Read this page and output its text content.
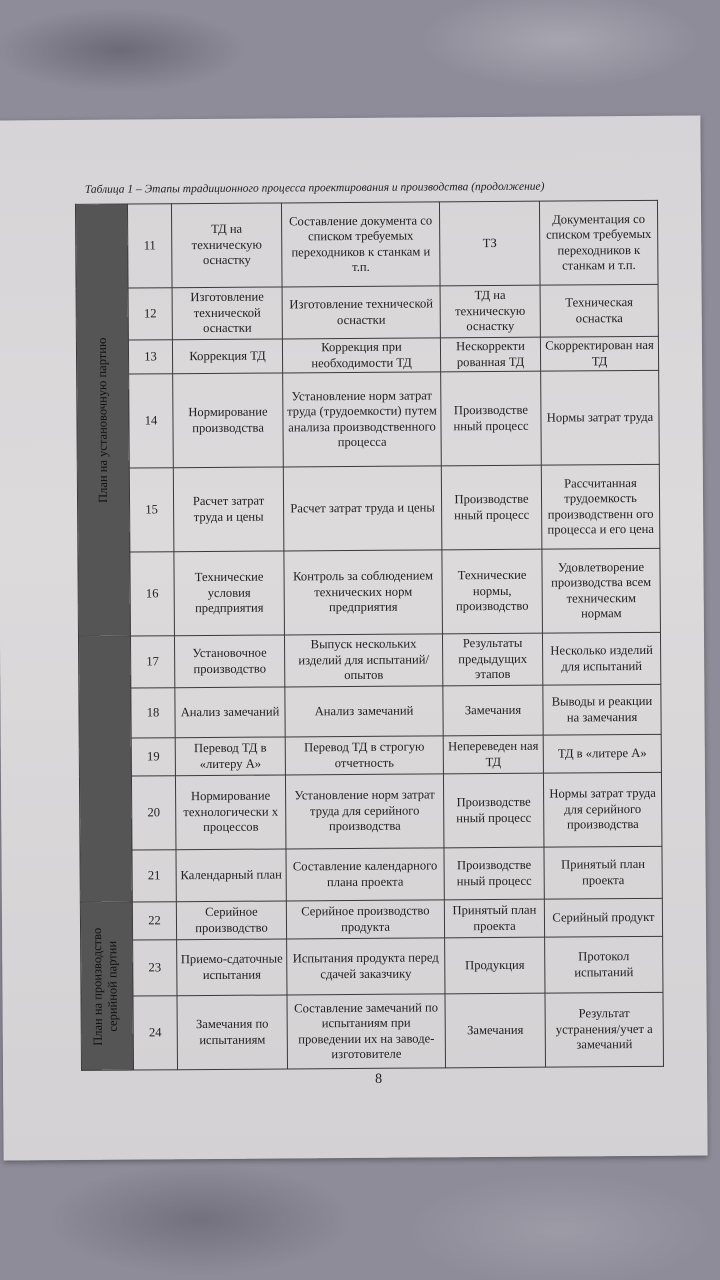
Таблица 1 – Этапы традиционного процесса проектирования и производства (продолжение)
План на установочную партию	11	ТД на техническую оснастку	Составление документа со списком требуемых переходников к станкам и т.п.	ТЗ	Документация со списком требуемых переходников к станкам и т.п.
	12	Изготовление технической оснастки	Изготовление технической оснастки	ТД на техническую оснастку	Техническая оснастка
	13	Коррекция ТД	Коррекция при необходимости ТД	Нескорректи рованная ТД	Скорректирован ная ТД
	14	Нормирование производства	Установление норм затрат труда (трудоемкости) путем анализа производственного процесса	Производстве нный процесс	Нормы затрат труда
	15	Расчет затрат труда и цены	Расчет затрат труда и цены	Производстве нный процесс	Рассчитанная трудоемкость производственн ого процесса и его цена
	16	Технические условия предприятия	Контроль за соблюдением технических норм предприятия	Технические нормы, производство	Удовлетворение производства всем техническим нормам
	17	Установочное производство	Выпуск нескольких изделий для испытаний/опытов	Результаты предыдущих этапов	Несколько изделий для испытаний
	18	Анализ замечаний	Анализ замечаний	Замечания	Выводы и реакции на замечания
	19	Перевод ТД в «литеру А»	Перевод ТД в строгую отчетность	Непереведен ная ТД	ТД в «литере А»
	20	Нормирование технологически х процессов	Установление норм затрат труда для серийного производства	Производстве нный процесс	Нормы затрат труда для серийного производства
	21	Календарный план	Составление календарного плана проекта	Производстве нный процесс	Принятый план проекта

План на производство серийной партии	22	Серийное производство	Серийное производство продукта	Принятый план проекта	Серийный продукт
	23	Приемо-сдаточные испытания	Испытания продукта перед сдачей заказчику	Продукция	Протокол испытаний
	24	Замечания по испытаниям	Составление замечаний по испытаниям при проведении их на заводе-изготовителе	Замечания	Результат устранения/учет а замечаний
8
